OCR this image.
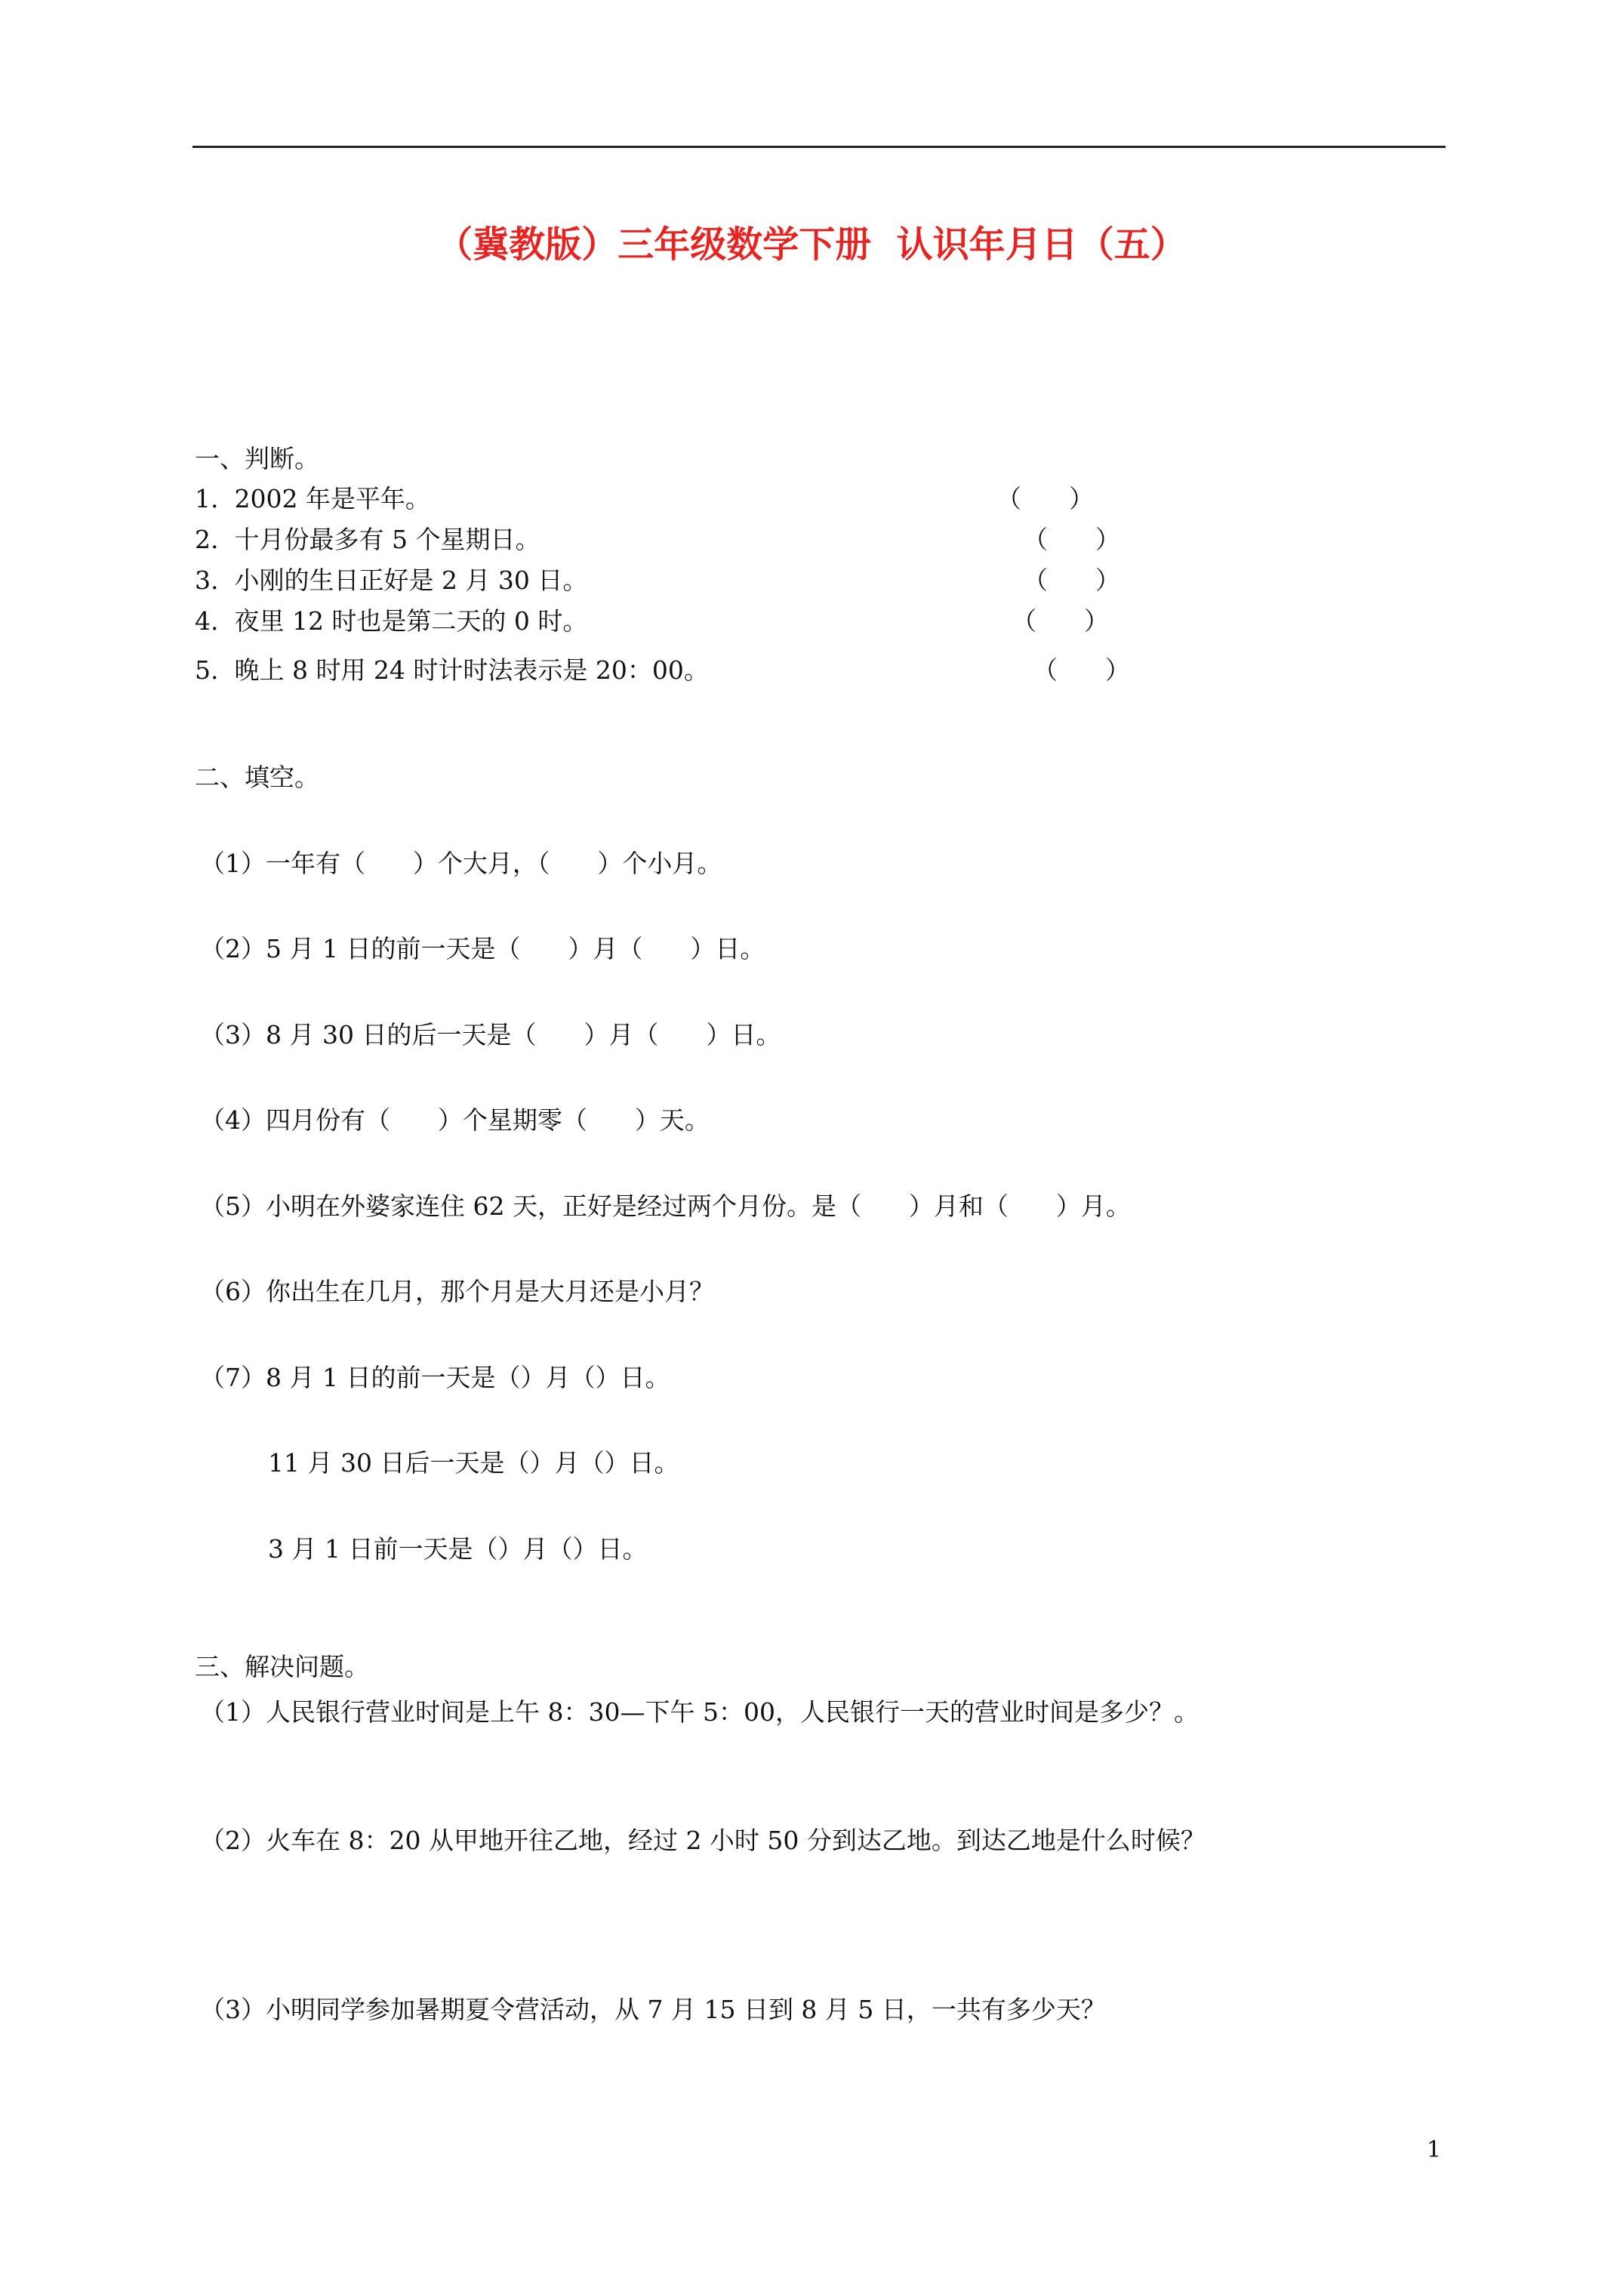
（冀教版）三年级数学下册  认识年月日（五）
一、判断。
1.  2002 年是平年。	（      ）
2.  十月份最多有 5 个星期日。	（      ）
3.  小刚的生日正好是 2 月 30 日。	（      ）
4.  夜里 12 时也是第二天的 0 时。	（      ）
5.  晚上 8 时用 24 时计时法表示是 20：00。	（      ）
二、填空。
（1）一年有（      ）个大月，（      ）个小月。
（2）5 月 1 日的前一天是（      ）月（      ）日。
（3）8 月 30 日的后一天是（      ）月（      ）日。
（4）四月份有（      ）个星期零（      ）天。
（5）小明在外婆家连住 62 天，正好是经过两个月份。是（      ）月和（      ）月。
（6）你出生在几月，那个月是大月还是小月？
（7）8 月 1 日的前一天是（）月（）日。
11 月 30 日后一天是（）月（）日。
3 月 1 日前一天是（）月（）日。
三、解决问题。
（1）人民银行营业时间是上午 8：30—下午 5：00，人民银行一天的营业时间是多少？。
（2）火车在 8：20 从甲地开往乙地，经过 2 小时 50 分到达乙地。到达乙地是什么时候？
（3）小明同学参加暑期夏令营活动，从 7 月 15 日到 8 月 5 日，一共有多少天？
1
